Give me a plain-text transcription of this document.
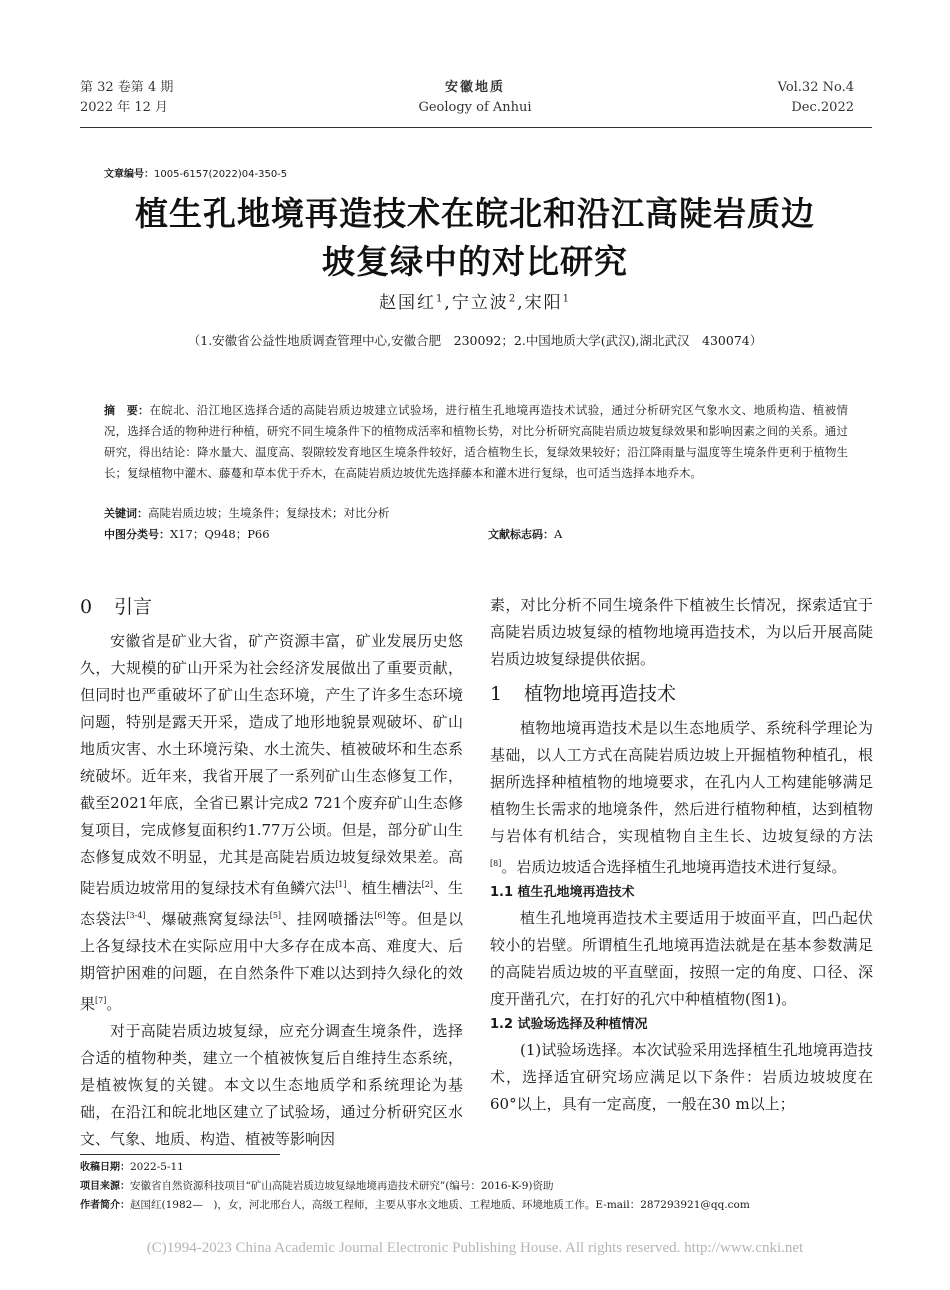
第 32 卷第 4 期
2022 年 12 月
安徽地质
Geology of Anhui
Vol.32 No.4
Dec.2022
文章编号：1005-6157(2022)04-350-5
植生孔地境再造技术在皖北和沿江高陡岩质边
坡复绿中的对比研究
赵国红$^1$,宁立波$^2$,宋阳$^1$
（1.安徽省公益性地质调查管理中心,安徽合肥　230092；2.中国地质大学(武汉),湖北武汉　430074）
摘　要：在皖北、沿江地区选择合适的高陡岩质边坡建立试验场，进行植生孔地境再造技术试验，通过分析研究区气象水文、地质构造、植被情况，选择合适的物种进行种植，研究不同生境条件下的植物成活率和植物长势，对比分析研究高陡岩质边坡复绿效果和影响因素之间的关系。通过研究，得出结论：降水量大、温度高、裂隙较发育地区生境条件较好，适合植物生长，复绿效果较好；沿江降雨量与温度等生境条件更利于植物生长；复绿植物中灌木、藤蔓和草本优于乔木，在高陡岩质边坡优先选择藤本和灌木进行复绿，也可适当选择本地乔木。
关键词：高陡岩质边坡；生境条件；复绿技术；对比分析
中图分类号：X17；Q948；P66	文献标志码：A

0 引言

安徽省是矿业大省，矿产资源丰富，矿业发展历史悠久，大规模的矿山开采为社会经济发展做出了重要贡献，但同时也严重破坏了矿山生态环境，产生了许多生态环境问题，特别是露天开采，造成了地形地貌景观破坏、矿山地质灾害、水土环境污染、水土流失、植被破坏和生态系统破坏。近年来，我省开展了一系列矿山生态修复工作，截至2021年底，全省已累计完成2 721个废弃矿山生态修复项目，完成修复面积约1.77万公顷。但是，部分矿山生态修复成效不明显，尤其是高陡岩质边坡复绿效果差。高陡岩质边坡常用的复绿技术有鱼鳞穴法[1]、植生槽法[2]、生态袋法[3-4]、爆破燕窝复绿法[5]、挂网喷播法[6]等。但是以上各复绿技术在实际应用中大多存在成本高、难度大、后期管护困难的问题，在自然条件下难以达到持久绿化的效果[7]。

对于高陡岩质边坡复绿，应充分调查生境条件，选择合适的植物种类，建立一个植被恢复后自维持生态系统，是植被恢复的关键。本文以生态地质学和系统理论为基础，在沿江和皖北地区建立了试验场，通过分析研究区水文、气象、地质、构造、植被等影响因

素，对比分析不同生境条件下植被生长情况，探索适宜于高陡岩质边坡复绿的植物地境再造技术，为以后开展高陡岩质边坡复绿提供依据。

1 植物地境再造技术

植物地境再造技术是以生态地质学、系统科学理论为基础，以人工方式在高陡岩质边坡上开掘植物种植孔，根据所选择种植植物的地境要求，在孔内人工构建能够满足植物生长需求的地境条件，然后进行植物种植，达到植物与岩体有机结合，实现植物自主生长、边坡复绿的方法[8]。岩质边坡适合选择植生孔地境再造技术进行复绿。

1.1 植生孔地境再造技术

植生孔地境再造技术主要适用于坡面平直，凹凸起伏较小的岩壁。所谓植生孔地境再造法就是在基本参数满足的高陡岩质边坡的平直壁面，按照一定的角度、口径、深度开凿孔穴，在打好的孔穴中种植植物(图1)。

1.2 试验场选择及种植情况

(1)试验场选择。本次试验采用选择植生孔地境再造技术，选择适宜研究场应满足以下条件：岩质边坡坡度在60°以上，具有一定高度，一般在30 m以上；

收稿日期：2022-5-11
项目来源：安徽省自然资源科技项目“矿山高陡岩质边坡复绿地境再造技术研究”(编号：2016-K-9)资助
作者简介：赵国红(1982—　)，女，河北邢台人，高级工程师，主要从事水文地质、工程地质、环境地质工作。E-mail：287293921@qq.com
(C)1994-2023 China Academic Journal Electronic Publishing House. All rights reserved. http://www.cnki.net
